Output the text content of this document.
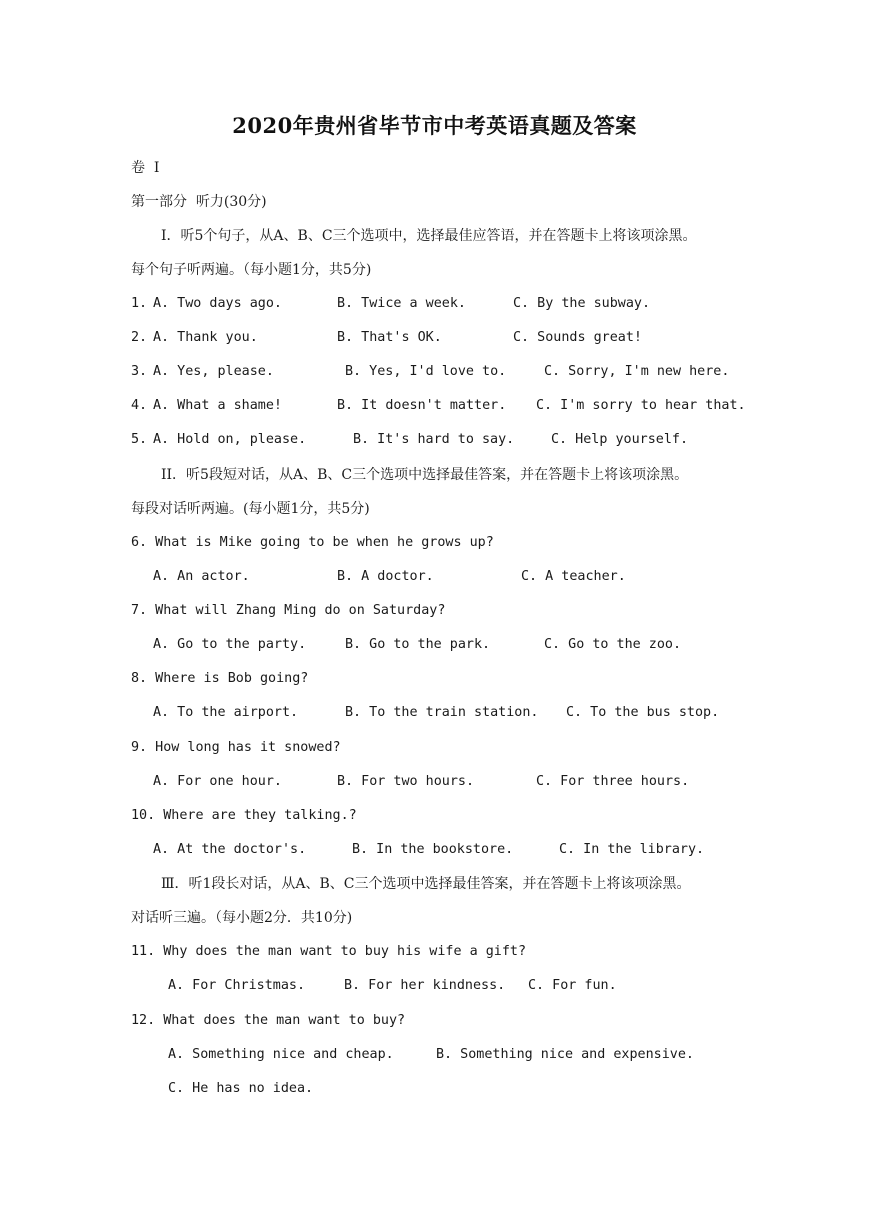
2020年贵州省毕节市中考英语真题及答案

卷  I

第一部分  听力(30分)

I．听5个句子，从A、B、C三个选项中，选择最佳应答语，并在答题卡上将该项涂黑。

每个句子听两遍。（每小题1分，共5分)

1.

A. Two days ago.

	B. Twice a week.

	C. By the subway.

2.

A. Thank you.

	B. That's OK.

	C. Sounds great!

3.

A. Yes, please.

	B. Yes, I'd love to.

	C. Sorry, I'm new here.

4.

A. What a shame!

	B. It doesn't matter.

C. I'm sorry to hear that.

5.

A. Hold on, please.

	B. It's hard to say.

	C. Help yourself.

II．听5段短对话，从A、B、C三个选项中选择最佳答案，并在答题卡上将该项涂黑。

每段对话听两遍。(每小题1分，共5分)

6. What is Mike going to be when he grows up?

A. An actor.

	B. A doctor.

	C. A teacher.

7. What will Zhang Ming do on Saturday?

A. Go to the party.

	B. Go to the park.

	C. Go to the zoo.

8. Where is Bob going?

A. To the airport.

	B. To the train station.

C. To the bus stop.

9. How long has it snowed?

A. For one hour.

	B. For two hours.

	C. For three hours.

10. Where are they talking.?

A. At the doctor's.

	B. In the bookstore.

	C. In the library.

Ⅲ．听1段长对话，从A、B、C三个选项中选择最佳答案，并在答题卡上将该项涂黑。

对话听三遍。（每小题2分．共10分)

11. Why does the man want to buy his wife a gift?

A. For Christmas.

	B. For her kindness.

C. For fun.

12. What does the man want to buy?

A. Something nice and cheap.

	B. Something nice and expensive.

C. He has no idea.
